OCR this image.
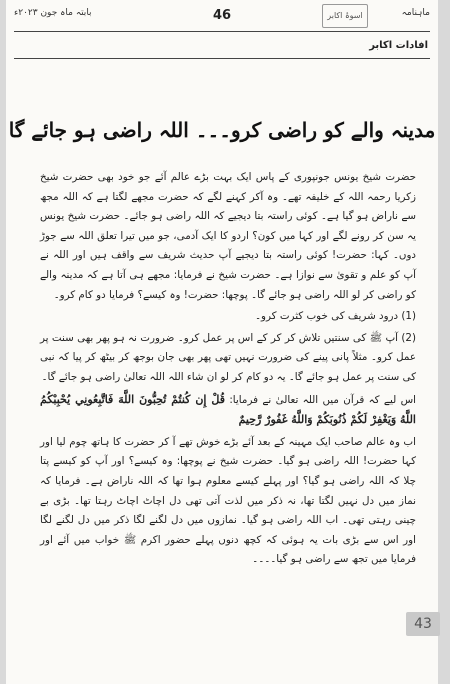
ماہنامہ
اسوۂ اکابر
46
بابتہ ماہ جون ۲۰۲۳ء
افادات اکابر
مدینہ والے کو راضی کرو۔۔۔ اللہ راضی ہو جائے گا

حضرت شیخ یونس جونپوری کے پاس ایک بہت بڑے عالم آئے جو خود بھی حضرت شیخ زکریا رحمہ اللہ کے خلیفہ تھے۔ وہ آکر کہنے لگے کہ حضرت مجھے لگتا ہے کہ اللہ مجھ سے ناراض ہو گیا ہے۔ کوئی راستہ بتا دیجیے کہ اللہ راضی ہو جائے۔ حضرت شیخ یونس یہ سن کر رونے لگے اور کہا میں کون؟ اردو کا ایک آدمی، جو میں تیرا تعلق اللہ سے جوڑ دوں۔ کہا: حضرت! کوئی راستہ بتا دیجیے آپ حدیث شریف سے واقف ہیں اور اللہ نے آپ کو علم و تقویٰ سے نوازا ہے۔ حضرت شیخ نے فرمایا: مجھے ہی آتا ہے کہ مدینہ والے کو راضی کر لو اللہ راضی ہو جائے گا۔ پوچھا: حضرت! وہ کیسے؟ فرمایا دو کام کرو۔

(1) درود شریف کی خوب کثرت کرو۔

(2) آپ ﷺ کی سنتیں تلاش کر کر کے اس پر عمل کرو۔ ضرورت نہ ہو پھر بھی سنت پر عمل کرو۔ مثلاً پانی پینے کی ضرورت نہیں تھی پھر بھی جان بوجھ کر بیٹھ کر پیا کہ نبی کی سنت پر عمل ہو جائے گا۔ یہ دو کام کر لو ان شاء اللہ اللہ تعالیٰ راضی ہو جائے گا۔

اس لیے کہ قرآن میں اللہ تعالیٰ نے فرمایا: قُلْ إِن كُنتُمْ تُحِبُّونَ اللَّهَ فَاتَّبِعُونِي يُحْبِبْكُمُ اللَّهُ وَيَغْفِرْ لَكُمْ ذُنُوبَكُمْ وَاللَّهُ غَفُورٌ رَّحِيمٌ

اب وہ عالم صاحب ایک مہینہ کے بعد آئے بڑے خوش تھے آ کر حضرت کا ہاتھ چوم لیا اور کہا حضرت! اللہ راضی ہو گیا۔ حضرت شیخ نے پوچھا: وہ کیسے؟ اور آپ کو کیسے پتا چلا کہ اللہ راضی ہو گیا؟ اور پہلے کیسے معلوم ہوا تھا کہ اللہ ناراض ہے۔ فرمایا کہ نماز میں دل نہیں لگتا تھا، نہ ذکر میں لذت آتی تھی دل اچاٹ اچاٹ رہتا تھا۔ بڑی بے چینی رہتی تھی۔ اب اللہ راضی ہو گیا۔ نمازوں میں دل لگنے لگا ذکر میں دل لگنے لگا اور اس سے بڑی بات یہ ہوئی کہ کچھ دنوں پہلے حضور اکرم ﷺ خواب میں آئے اور فرمایا میں تجھ سے راضی ہو گیا۔۔۔۔

43
